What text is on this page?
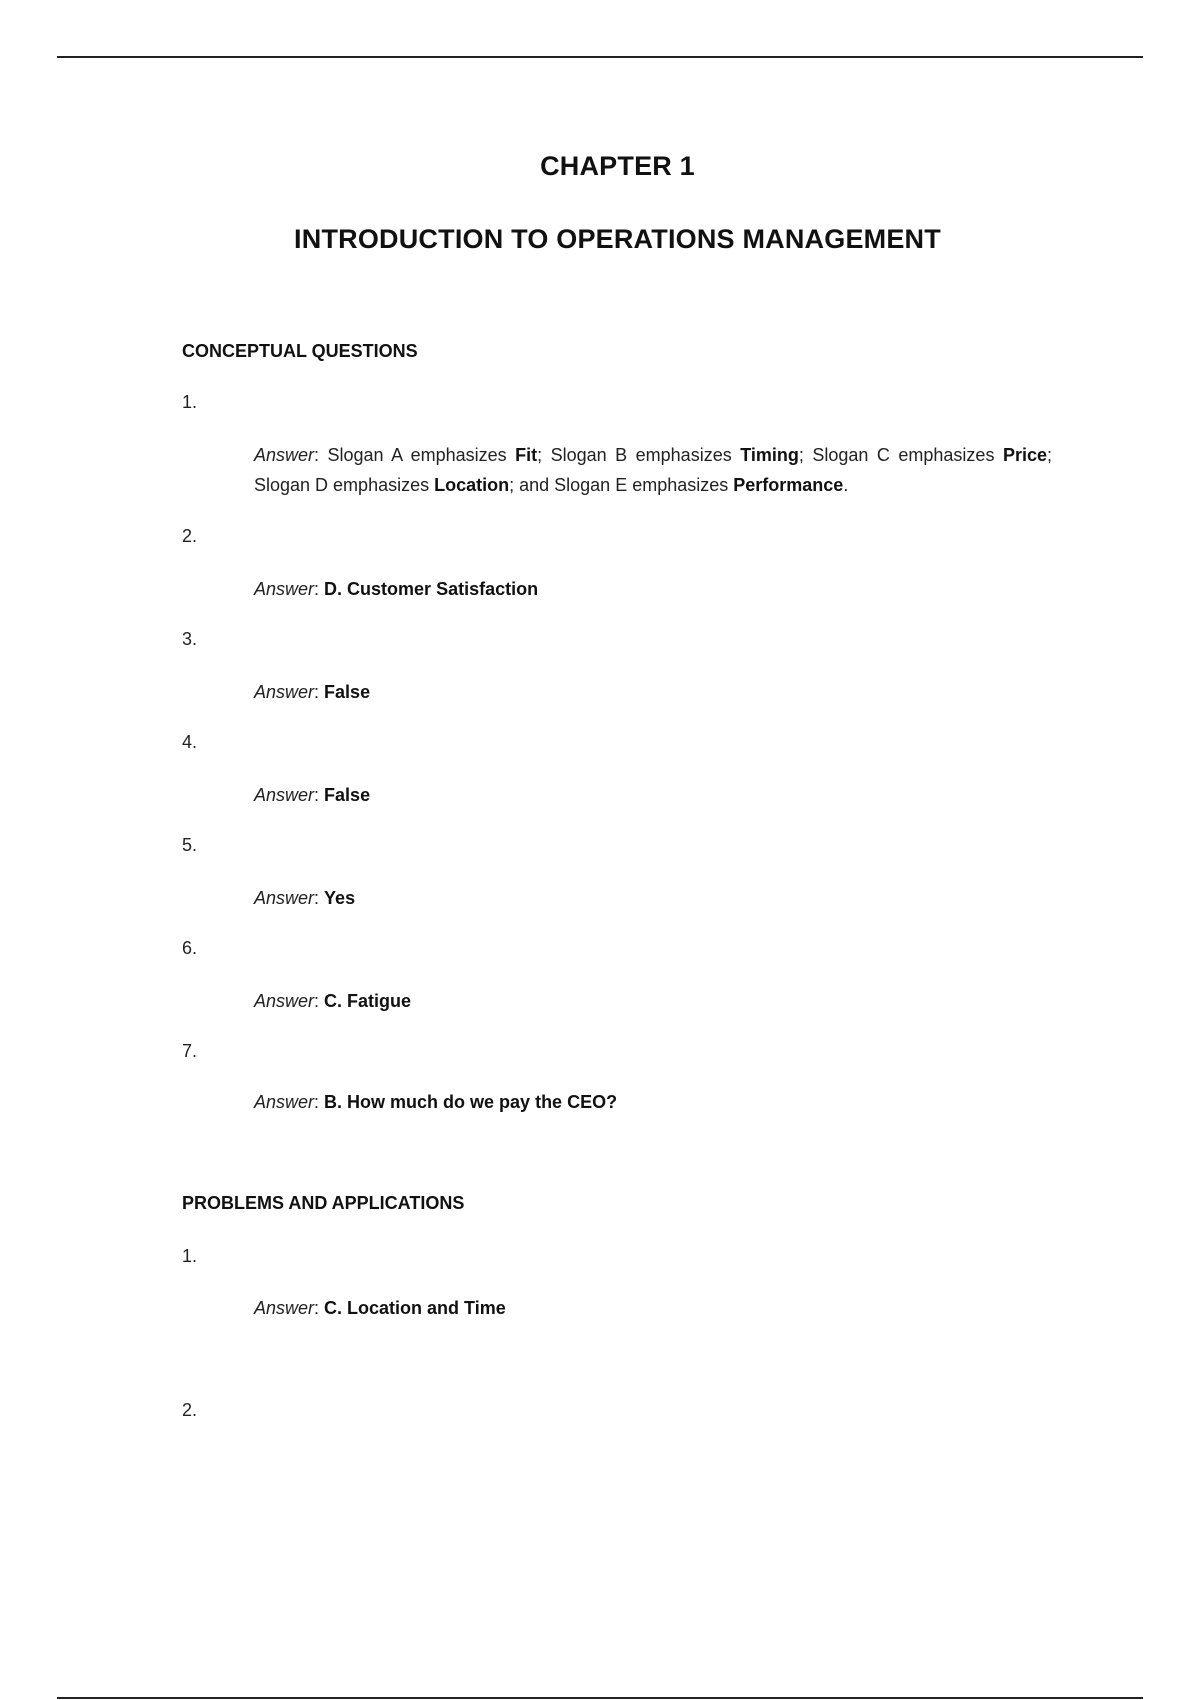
CHAPTER 1
INTRODUCTION TO OPERATIONS MANAGEMENT
CONCEPTUAL QUESTIONS
1.
Answer: Slogan A emphasizes Fit; Slogan B emphasizes Timing; Slogan C emphasizes Price; Slogan D emphasizes Location; and Slogan E emphasizes Performance.
2.
Answer: D. Customer Satisfaction
3.
Answer: False
4.
Answer: False
5.
Answer: Yes
6.
Answer: C. Fatigue
7.
Answer: B. How much do we pay the CEO?
PROBLEMS AND APPLICATIONS
1.
Answer: C. Location and Time
2.
